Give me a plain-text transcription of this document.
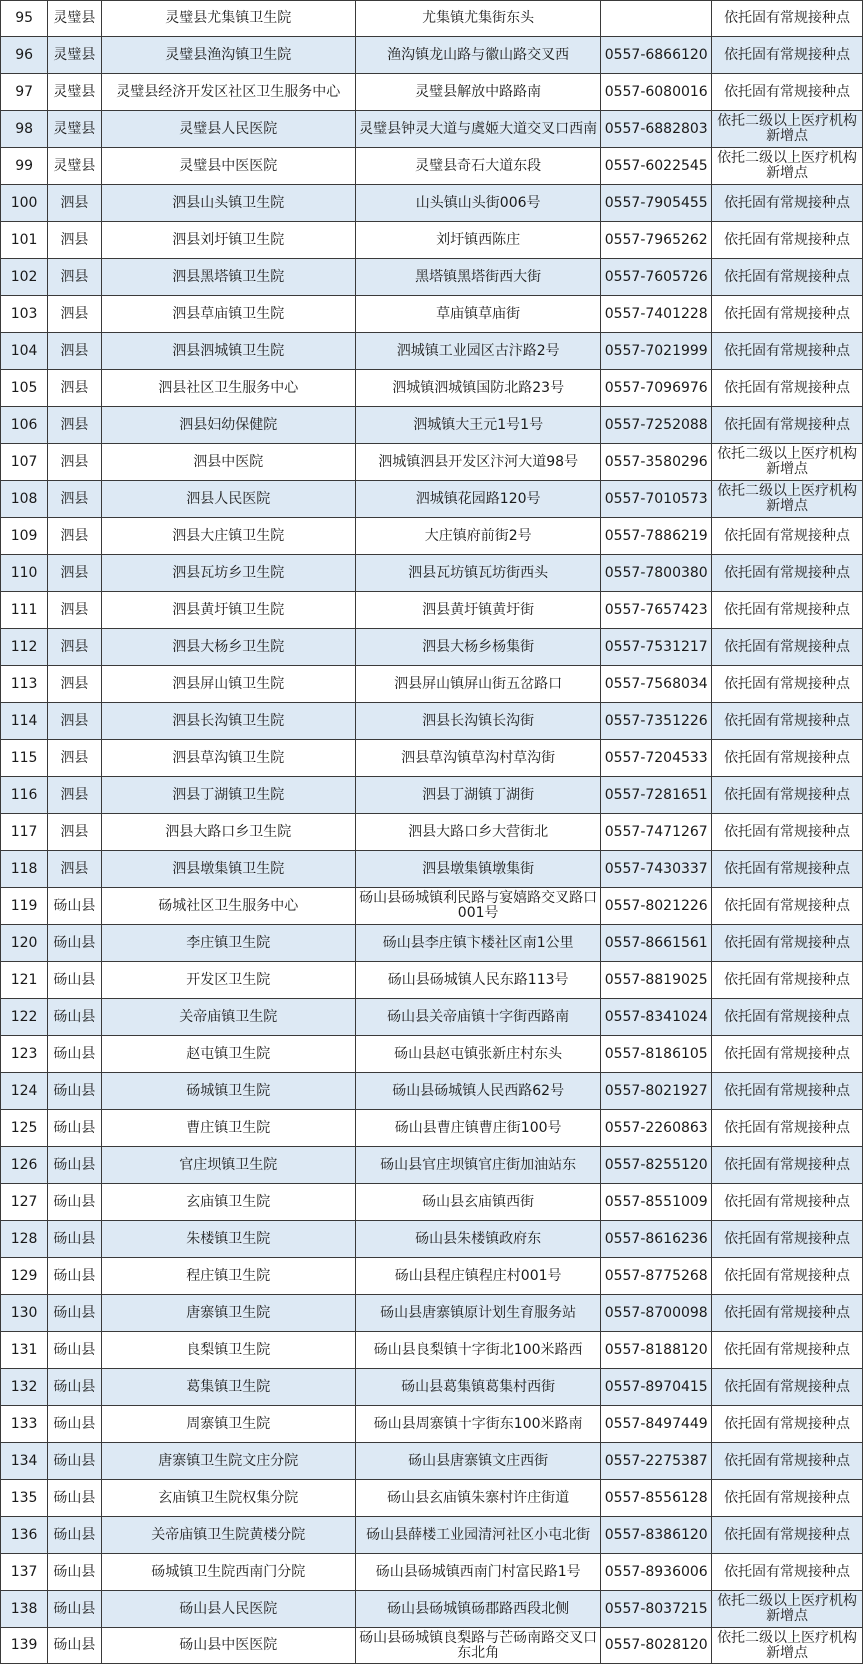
95	灵璧县	灵璧县尤集镇卫生院	尤集镇尤集街东头		依托固有常规接种点
96	灵璧县	灵璧县渔沟镇卫生院	渔沟镇龙山路与徽山路交叉西	0557-6866120	依托固有常规接种点
97	灵璧县	灵璧县经济开发区社区卫生服务中心	灵璧县解放中路路南	0557-6080016	依托固有常规接种点
98	灵璧县	灵璧县人民医院	灵璧县钟灵大道与虞姬大道交叉口西南	0557-6882803	依托二级以上医疗机构新增点
99	灵璧县	灵璧县中医医院	灵璧县奇石大道东段	0557-6022545	依托二级以上医疗机构新增点
100	泗县	泗县山头镇卫生院	山头镇山头街006号	0557-7905455	依托固有常规接种点
101	泗县	泗县刘圩镇卫生院	刘圩镇西陈庄	0557-7965262	依托固有常规接种点
102	泗县	泗县黑塔镇卫生院	黑塔镇黑塔街西大街	0557-7605726	依托固有常规接种点
103	泗县	泗县草庙镇卫生院	草庙镇草庙街	0557-7401228	依托固有常规接种点
104	泗县	泗县泗城镇卫生院	泗城镇工业园区古汴路2号	0557-7021999	依托固有常规接种点
105	泗县	泗县社区卫生服务中心	泗城镇泗城镇国防北路23号	0557-7096976	依托固有常规接种点
106	泗县	泗县妇幼保健院	泗城镇大王元1号1号	0557-7252088	依托固有常规接种点
107	泗县	泗县中医院	泗城镇泗县开发区汴河大道98号	0557-3580296	依托二级以上医疗机构新增点
108	泗县	泗县人民医院	泗城镇花园路120号	0557-7010573	依托二级以上医疗机构新增点
109	泗县	泗县大庄镇卫生院	大庄镇府前街2号	0557-7886219	依托固有常规接种点
110	泗县	泗县瓦坊乡卫生院	泗县瓦坊镇瓦坊街西头	0557-7800380	依托固有常规接种点
111	泗县	泗县黄圩镇卫生院	泗县黄圩镇黄圩街	0557-7657423	依托固有常规接种点
112	泗县	泗县大杨乡卫生院	泗县大杨乡杨集街	0557-7531217	依托固有常规接种点
113	泗县	泗县屏山镇卫生院	泗县屏山镇屏山街五岔路口	0557-7568034	依托固有常规接种点
114	泗县	泗县长沟镇卫生院	泗县长沟镇长沟街	0557-7351226	依托固有常规接种点
115	泗县	泗县草沟镇卫生院	泗县草沟镇草沟村草沟街	0557-7204533	依托固有常规接种点
116	泗县	泗县丁湖镇卫生院	泗县丁湖镇丁湖街	0557-7281651	依托固有常规接种点
117	泗县	泗县大路口乡卫生院	泗县大路口乡大营街北	0557-7471267	依托固有常规接种点
118	泗县	泗县墩集镇卫生院	泗县墩集镇墩集街	0557-7430337	依托固有常规接种点
119	砀山县	砀城社区卫生服务中心	砀山县砀城镇利民路与宴嬉路交叉路口001号	0557-8021226	依托固有常规接种点
120	砀山县	李庄镇卫生院	砀山县李庄镇卞楼社区南1公里	0557-8661561	依托固有常规接种点
121	砀山县	开发区卫生院	砀山县砀城镇人民东路113号	0557-8819025	依托固有常规接种点
122	砀山县	关帝庙镇卫生院	砀山县关帝庙镇十字街西路南	0557-8341024	依托固有常规接种点
123	砀山县	赵屯镇卫生院	砀山县赵屯镇张新庄村东头	0557-8186105	依托固有常规接种点
124	砀山县	砀城镇卫生院	砀山县砀城镇人民西路62号	0557-8021927	依托固有常规接种点
125	砀山县	曹庄镇卫生院	砀山县曹庄镇曹庄街100号	0557-2260863	依托固有常规接种点
126	砀山县	官庄坝镇卫生院	砀山县官庄坝镇官庄街加油站东	0557-8255120	依托固有常规接种点
127	砀山县	玄庙镇卫生院	砀山县玄庙镇西街	0557-8551009	依托固有常规接种点
128	砀山县	朱楼镇卫生院	砀山县朱楼镇政府东	0557-8616236	依托固有常规接种点
129	砀山县	程庄镇卫生院	砀山县程庄镇程庄村001号	0557-8775268	依托固有常规接种点
130	砀山县	唐寨镇卫生院	砀山县唐寨镇原计划生育服务站	0557-8700098	依托固有常规接种点
131	砀山县	良梨镇卫生院	砀山县良梨镇十字街北100米路西	0557-8188120	依托固有常规接种点
132	砀山县	葛集镇卫生院	砀山县葛集镇葛集村西街	0557-8970415	依托固有常规接种点
133	砀山县	周寨镇卫生院	砀山县周寨镇十字街东100米路南	0557-8497449	依托固有常规接种点
134	砀山县	唐寨镇卫生院文庄分院	砀山县唐寨镇文庄西街	0557-2275387	依托固有常规接种点
135	砀山县	玄庙镇卫生院权集分院	砀山县玄庙镇朱寨村许庄街道	0557-8556128	依托固有常规接种点
136	砀山县	关帝庙镇卫生院黄楼分院	砀山县薛楼工业园清河社区小屯北街	0557-8386120	依托固有常规接种点
137	砀山县	砀城镇卫生院西南门分院	砀山县砀城镇西南门村富民路1号	0557-8936006	依托固有常规接种点
138	砀山县	砀山县人民医院	砀山县砀城镇砀郡路西段北侧	0557-8037215	依托二级以上医疗机构新增点
139	砀山县	砀山县中医医院	砀山县砀城镇良梨路与芒砀南路交叉口东北角	0557-8028120	依托二级以上医疗机构新增点
